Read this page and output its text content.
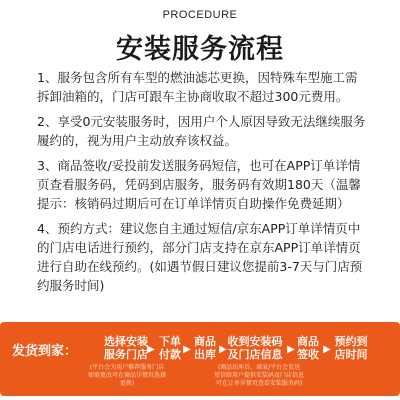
PROCEDURE
安装服务流程

1、服务包含所有车型的燃油滤芯更换，因特殊车型施工需拆卸油箱的，门店可跟车主协商收取不超过300元费用。

2、享受0元安装服务时，因用户个人原因导致无法继续服务履约的，视为用户主动放弃该权益。

3、商品签收/妥投前发送服务码短信，也可在APP订单详情页查看服务码，凭码到店服务，服务码有效期180天（温馨提示：核销码过期后可在订单详情页自助操作免费延期）

4、预约方式：建议您自主通过短信/京东APP订单详情页中的门店电话进行预约，部分门店支持在京东APP订单详情页进行自助在线预约。(如遇节假日建议您提前3-7天与门店预约服务时间)

发货到家：
选择安装
服务门店
(平台会为用户推荐服务门店
如需更改可在商品详情页选择更换)
▶
下单
付款 ▶
商品
出库 ▶
收到安装码
及门店信息
(商品出库后，商家/平台会发送
短信给用户提供安装码及门店信息
可在订单详情页查看安装服务码)
▶
商品
签收 ▶
预约到
店时间
